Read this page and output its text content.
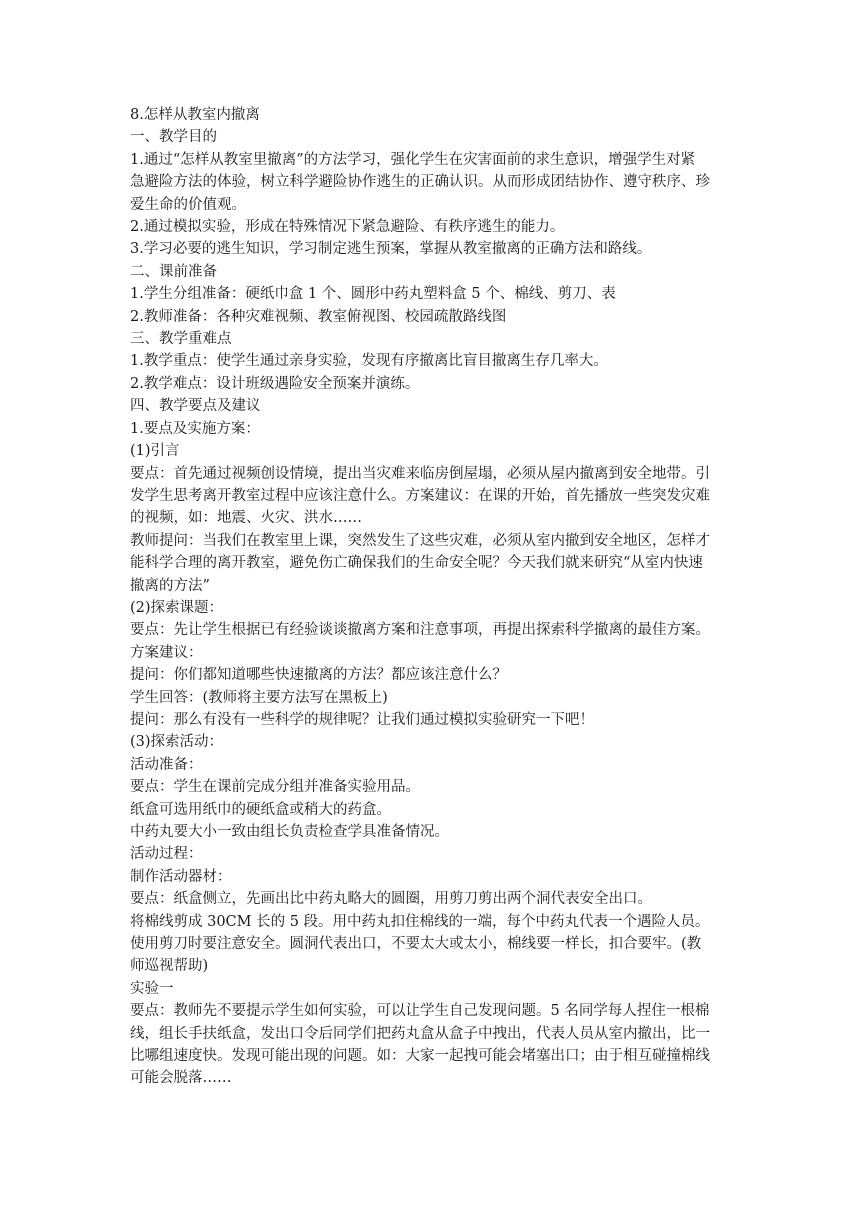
8.怎样从教室内撤离
一、教学目的
1.通过“怎样从教室里撤离”的方法学习，强化学生在灾害面前的求生意识，增强学生对紧
急避险方法的体验，树立科学避险协作逃生的正确认识。从而形成团结协作、遵守秩序、珍
爱生命的价值观。
2.通过模拟实验，形成在特殊情况下紧急避险、有秩序逃生的能力。
3.学习必要的逃生知识，学习制定逃生预案，掌握从教室撤离的正确方法和路线。
二、课前准备
1.学生分组准备：硬纸巾盒 1 个、圆形中药丸塑料盒 5 个、棉线、剪刀、表
2.教师准备：各种灾难视频、教室俯视图、校园疏散路线图
三、教学重难点
1.教学重点：使学生通过亲身实验，发现有序撤离比盲目撤离生存几率大。
2.教学难点：设计班级遇险安全预案并演练。
四、教学要点及建议
1.要点及实施方案：
(1)引言
要点：首先通过视频创设情境，提出当灾难来临房倒屋塌，必须从屋内撤离到安全地带。引
发学生思考离开教室过程中应该注意什么。方案建议：在课的开始，首先播放一些突发灾难
的视频，如：地震、火灾、洪水……
教师提问：当我们在教室里上课，突然发生了这些灾难，必须从室内撤到安全地区，怎样才
能科学合理的离开教室，避免伤亡确保我们的生命安全呢？今天我们就来研究“从室内快速
撤离的方法”
(2)探索课题：
要点：先让学生根据已有经验谈谈撤离方案和注意事项，再提出探索科学撤离的最佳方案。
方案建议：
提问：你们都知道哪些快速撤离的方法？都应该注意什么？
学生回答：(教师将主要方法写在黑板上)
提问：那么有没有一些科学的规律呢？让我们通过模拟实验研究一下吧！
(3)探索活动：
活动准备：
要点：学生在课前完成分组并准备实验用品。
纸盒可选用纸巾的硬纸盒或稍大的药盒。
中药丸要大小一致由组长负责检查学具准备情况。
活动过程：
制作活动器材：
要点：纸盒侧立，先画出比中药丸略大的圆圈，用剪刀剪出两个洞代表安全出口。
将棉线剪成 30CM 长的 5 段。用中药丸扣住棉线的一端，每个中药丸代表一个遇险人员。
使用剪刀时要注意安全。圆洞代表出口，不要太大或太小，棉线要一样长，扣合要牢。(教
师巡视帮助)
实验一
要点：教师先不要提示学生如何实验，可以让学生自己发现问题。5 名同学每人捏住一根棉
线，组长手扶纸盒，发出口令后同学们把药丸盒从盒子中拽出，代表人员从室内撤出，比一
比哪组速度快。发现可能出现的问题。如：大家一起拽可能会堵塞出口；由于相互碰撞棉线
可能会脱落……
